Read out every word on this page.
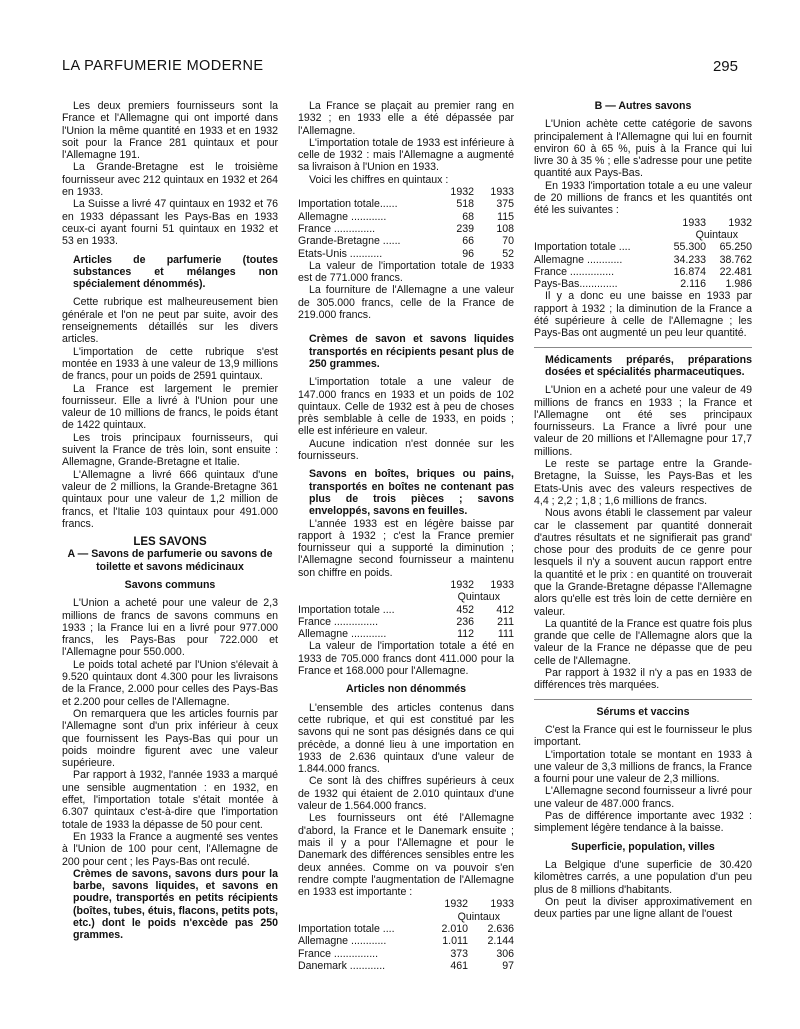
LA PARFUMERIE MODERNE	295

Les deux premiers fournisseurs sont la France et l'Allemagne qui ont importé dans l'Union la même quantité en 1933 et en 1932 soit pour la France 281 quintaux et pour l'Allemagne 191.

La Grande-Bretagne est le troisième fournisseur avec 212 quintaux en 1932 et 264 en 1933.

La Suisse a livré 47 quintaux en 1932 et 76 en 1933 dépassant les Pays-Bas en 1933 ceux-ci ayant fourni 51 quintaux en 1932 et 53 en 1933.

Articles de parfumerie (toutes substances et mélanges non spécialement dénommés).

Cette rubrique est malheureusement bien générale et l'on ne peut par suite, avoir des renseignements détaillés sur les divers articles.

L'importation de cette rubrique s'est montée en 1933 à une valeur de 13,9 millions de francs, pour un poids de 2591 quintaux.

La France est largement le premier fournisseur. Elle a livré à l'Union pour une valeur de 10 millions de francs, le poids étant de 1422 quintaux.

Les trois principaux fournisseurs, qui suivent la France de très loin, sont ensuite : Allemagne, Grande-Bretagne et Italie.

L'Allemagne a livré 666 quintaux d'une valeur de 2 millions, la Grande-Bretagne 361 quintaux pour une valeur de 1,2 million de francs, et l'Italie 103 quintaux pour 491.000 francs.

LES SAVONS

A — Savons de parfumerie ou savons de toilette et savons médicinaux

Savons communs

L'Union a acheté pour une valeur de 2,3 millions de francs de savons communs en 1933 ; la France lui en a livré pour 977.000 francs, les Pays-Bas pour 722.000 et l'Allemagne pour 550.000.

Le poids total acheté par l'Union s'élevait à 9.520 quintaux dont 4.300 pour les livraisons de la France, 2.000 pour celles des Pays-Bas et 2.200 pour celles de l'Allemagne.

On remarquera que les articles fournis par l'Allemagne sont d'un prix inférieur à ceux que fournissent les Pays-Bas qui pour un poids moindre figurent avec une valeur supérieure.

Par rapport à 1932, l'année 1933 a marqué une sensible augmentation : en 1932, en effet, l'importation totale s'était montée à 6.307 quintaux c'est-à-dire que l'importation totale de 1933 la dépasse de 50 pour cent.

En 1933 la France a augmenté ses ventes à l'Union de 100 pour cent, l'Allemagne de 200 pour cent ; les Pays-Bas ont reculé.

Crèmes de savons, savons durs pour la barbe, savons liquides, et savons en poudre, transportés en petits récipients (boîtes, tubes, étuis, flacons, petits pots, etc.) dont le poids n'excède pas 250 grammes.

La France se plaçait au premier rang en 1932 ; en 1933 elle a été dépassée par l'Allemagne.

L'importation totale de 1933 est inférieure à celle de 1932 : mais l'Allemagne a augmenté sa livraison à l'Union en 1933.

Voici les chiffres en quintaux :

	1932	1933
Importation totale......	518	375
Allemagne ............	68	115
France ..............	239	108
Grande-Bretagne ......	66	70
Etats-Unis ...........	96	52

La valeur de l'importation totale de 1933 est de 771.000 francs.

La fourniture de l'Allemagne a une valeur de 305.000 francs, celle de la France de 219.000 francs.

Crèmes de savon et savons liquides transportés en récipients pesant plus de 250 grammes.

L'importation totale a une valeur de 147.000 francs en 1933 et un poids de 102 quintaux. Celle de 1932 est à peu de choses près semblable à celle de 1933, en poids ; elle est inférieure en valeur.

Aucune indication n'est donnée sur les fournisseurs.

Savons en boîtes, briques ou pains, transportés en boîtes ne contenant pas plus de trois pièces ; savons enveloppés, savons en feuilles.

L'année 1933 est en légère baisse par rapport à 1932 ; c'est la France premier fournisseur qui a supporté la diminution ; l'Allemagne second fournisseur a maintenu son chiffre en poids.

	1932	1933
	Quintaux	
Importation totale ....	452	412
France ...............	236	211
Allemagne ............	112	111

La valeur de l'importation totale a été en 1933 de 705.000 francs dont 411.000 pour la France et 168.000 pour l'Allemagne.

Articles non dénommés

L'ensemble des articles contenus dans cette rubrique, et qui est constitué par les savons qui ne sont pas désignés dans ce qui précède, a donné lieu à une importation en 1933 de 2.636 quintaux d'une valeur de 1.844.000 francs.

Ce sont là des chiffres supérieurs à ceux de 1932 qui étaient de 2.010 quintaux d'une valeur de 1.564.000 francs.

Les fournisseurs ont été l'Allemagne d'abord, la France et le Danemark ensuite ; mais il y a pour l'Allemagne et pour le Danemark des différences sensibles entre les deux années. Comme on va pouvoir s'en rendre compte l'augmentation de l'Allemagne en 1933 est importante :

	1932	1933
	Quintaux	
Importation totale ....	2.010	2.636
Allemagne ............	1.011	2.144
France ...............	373	306
Danemark ............	461	97

B — Autres savons

L'Union achète cette catégorie de savons principalement à l'Allemagne qui lui en fournit environ 60 à 65 %, puis à la France qui lui livre 30 à 35 % ; elle s'adresse pour une petite quantité aux Pays-Bas.

En 1933 l'importation totale a eu une valeur de 20 millions de francs et les quantités ont été les suivantes :

	1933	1932
	Quintaux	
Importation totale ....	55.300	65.250
Allemagne ............	34.233	38.762
France ...............	16.874	22.481
Pays-Bas.............	2.116	1.986

Il y a donc eu une baisse en 1933 par rapport à 1932 ; la diminution de la France a été supérieure à celle de l'Allemagne ; les Pays-Bas ont augmenté un peu leur quantité.

Médicaments préparés, préparations dosées et spécialités pharmaceutiques.

L'Union en a acheté pour une valeur de 49 millions de francs en 1933 ; la France et l'Allemagne ont été ses principaux fournisseurs. La France a livré pour une valeur de 20 millions et l'Allemagne pour 17,7 millions.

Le reste se partage entre la Grande-Bretagne, la Suisse, les Pays-Bas et les Etats-Unis avec des valeurs respectives de 4,4 ; 2,2 ; 1,8 ; 1,6 millions de francs.

Nous avons établi le classement par valeur car le classement par quantité donnerait d'autres résultats et ne signifierait pas grand' chose pour des produits de ce genre pour lesquels il n'y a souvent aucun rapport entre la quantité et le prix : en quantité on trouverait que la Grande-Bretagne dépasse l'Allemagne alors qu'elle est très loin de cette dernière en valeur.

La quantité de la France est quatre fois plus grande que celle de l'Allemagne alors que la valeur de la France ne dépasse que de peu celle de l'Allemagne.

Par rapport à 1932 il n'y a pas en 1933 de différences très marquées.

Sérums et vaccins

C'est la France qui est le fournisseur le plus important.

L'importation totale se montant en 1933 à une valeur de 3,3 millions de francs, la France a fourni pour une valeur de 2,3 millions.

L'Allemagne second fournisseur a livré pour une valeur de 487.000 francs.

Pas de différence importante avec 1932 : simplement légère tendance à la baisse.

Superficie, population, villes

La Belgique d'une superficie de 30.420 kilomètres carrés, a une population d'un peu plus de 8 millions d'habitants.

On peut la diviser approximativement en deux parties par une ligne allant de l'ouest
